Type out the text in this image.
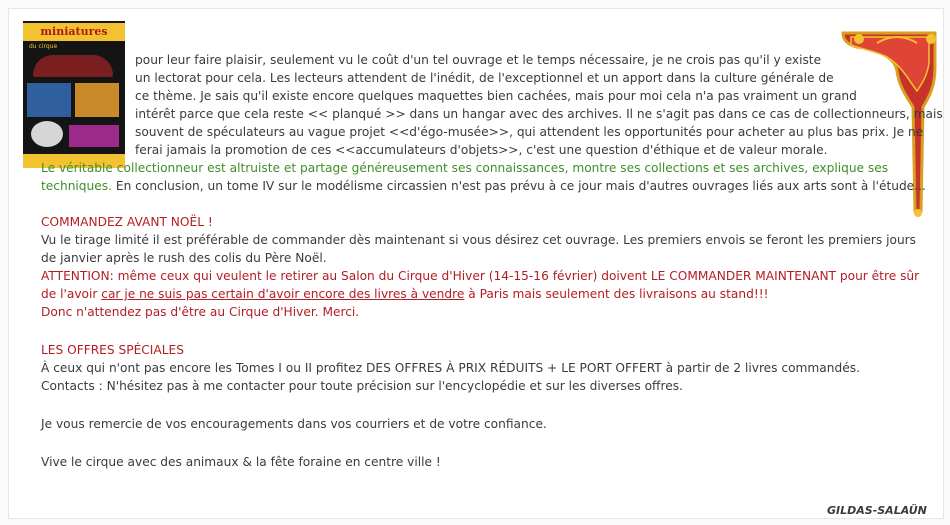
miniatures
du cirque
pour leur faire plaisir, seulement vu le coût d'un tel ouvrage et le temps nécessaire, je ne crois pas qu'il y existe
un lectorat pour cela. Les lecteurs attendent de l'inédit, de l'exceptionnel et un apport dans la culture générale de
ce thème. Je sais qu'il existe encore quelques maquettes bien cachées, mais pour moi cela n'a pas vraiment un grand
intérêt parce que cela reste << planqué >> dans un hangar avec des archives. Il ne s'agit pas dans ce cas de collectionneurs, mais
souvent de spéculateurs au vague projet <<d'égo-musée>>, qui attendent les opportunités pour acheter au plus bas prix. Je ne
ferai jamais la promotion de ces <<accumulateurs d'objets>>, c'est une question d'éthique et de valeur morale.
Le véritable collectionneur est altruiste et partage généreusement ses connaissances, montre ses collections et ses archives, explique ses
techniques. En conclusion, un tome IV sur le modélisme circassien n'est pas prévu à ce jour mais d'autres ouvrages liés aux arts sont à l'étude...
COMMANDEZ AVANT NOËL !
Vu le tirage limité il est préférable de commander dès maintenant si vous désirez cet ouvrage. Les premiers envois se feront les premiers jours
de janvier après le rush des colis du Père Noël.
ATTENTION: même ceux qui veulent le retirer au Salon du Cirque d'Hiver (14-15-16 février) doivent LE COMMANDER MAINTENANT pour être sûr
de l'avoir car je ne suis pas certain d'avoir encore des livres à vendre à Paris mais seulement des livraisons au stand!!!
Donc n'attendez pas d'être au Cirque d'Hiver. Merci.
LES OFFRES SPÉCIALES
À ceux qui n'ont pas encore les Tomes I ou II profitez DES OFFRES À PRIX RÉDUITS + LE PORT OFFERT à partir de 2 livres commandés.
Contacts : N'hésitez pas à me contacter pour toute précision sur l'encyclopédie et sur les diverses offres.
Je vous remercie de vos encouragements dans vos courriers et de votre confiance.
Vive le cirque avec des animaux & la fête foraine en centre ville !
GILDAS-SALAÜN
